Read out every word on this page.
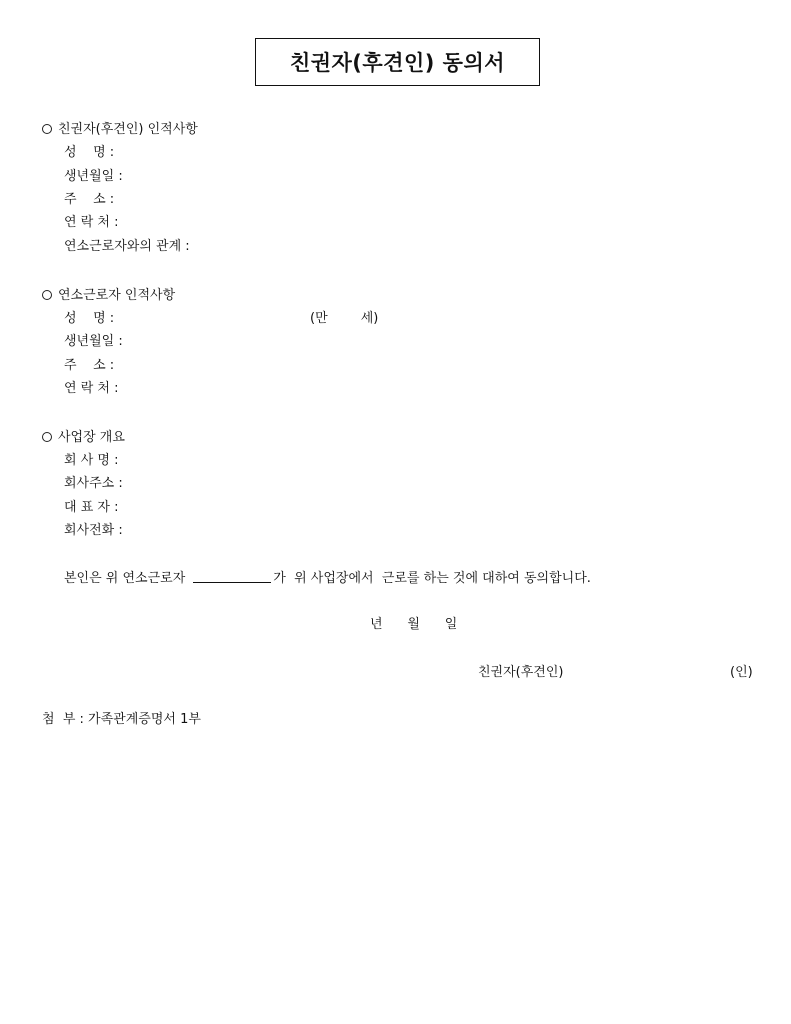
친권자(후견인) 동의서
친권자(후견인) 인적사항
성    명 :
생년월일 :
주    소 :
연 락 처 :
연소근로자와의 관계 :
연소근로자 인적사항
성    명 :	(만        세)
생년월일 :
주    소 :
연 락 처 :
사업장 개요
회 사 명 :
회사주소 :
대 표 자 :
회사전화 :
본인은 위 연소근로자	가  위 사업장에서  근로를 하는 것에 대하여 동의합니다.
년      월      일
친권자(후견인)	(인)
첨  부 : 가족관계증명서 1부
